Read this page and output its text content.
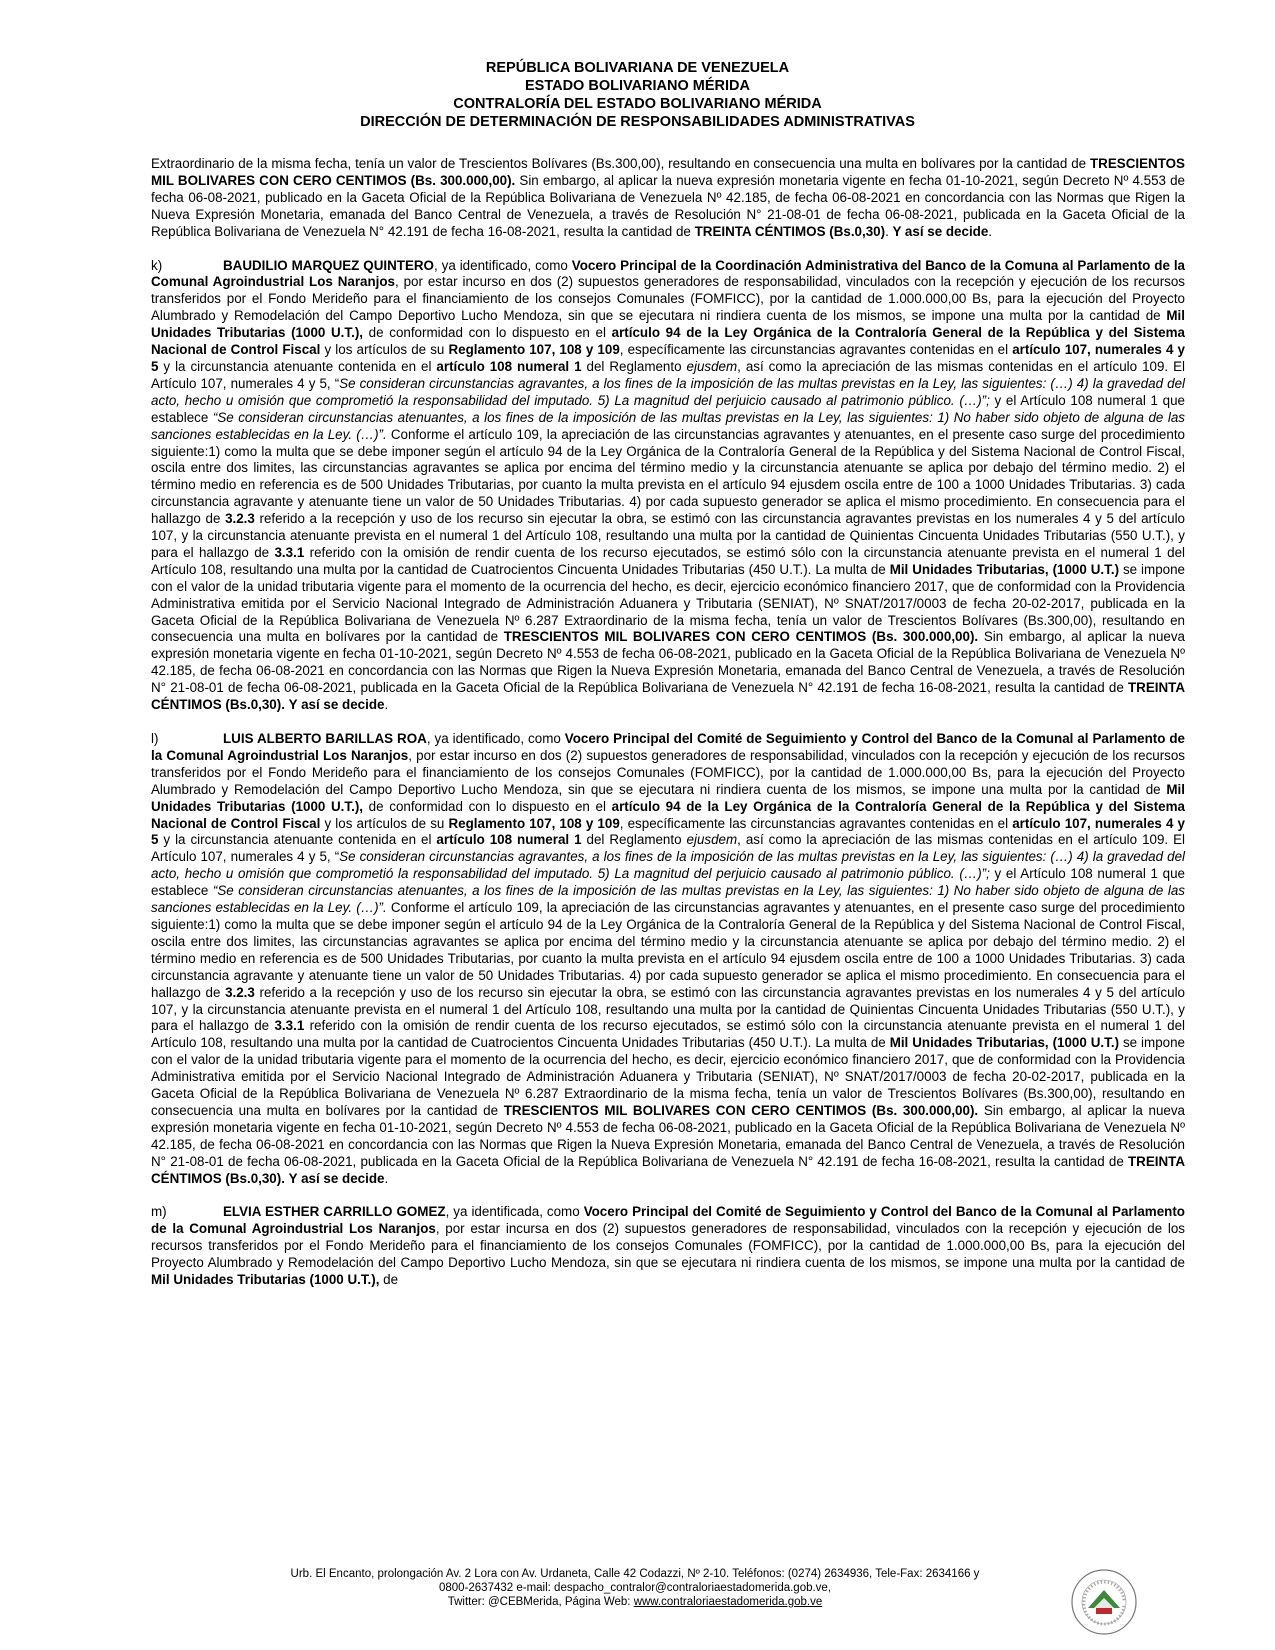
REPÚBLICA BOLIVARIANA DE VENEZUELA
ESTADO BOLIVARIANO MÉRIDA
CONTRALORÍA DEL ESTADO BOLIVARIANO MÉRIDA
DIRECCIÓN DE DETERMINACIÓN DE RESPONSABILIDADES ADMINISTRATIVAS

Extraordinario de la misma fecha, tenía un valor de Trescientos Bolívares (Bs.300,00), resultando en consecuencia una multa en bolívares por la cantidad de TRESCIENTOS MIL BOLIVARES CON CERO CENTIMOS (Bs. 300.000,00). Sin embargo, al aplicar la nueva expresión monetaria vigente en fecha 01-10-2021, según Decreto Nº 4.553 de fecha 06-08-2021, publicado en la Gaceta Oficial de la República Bolivariana de Venezuela Nº 42.185, de fecha 06-08-2021 en concordancia con las Normas que Rigen la Nueva Expresión Monetaria, emanada del Banco Central de Venezuela, a través de Resolución N° 21-08-01 de fecha 06-08-2021, publicada en la Gaceta Oficial de la República Bolivariana de Venezuela N° 42.191 de fecha 16-08-2021, resulta la cantidad de TREINTA CÉNTIMOS (Bs.0,30). Y así se decide.

k)	BAUDILIO MARQUEZ QUINTERO, ya identificado, como Vocero Principal de la Coordinación Administrativa del Banco de la Comuna al Parlamento de la Comunal Agroindustrial Los Naranjos, por estar incurso en dos (2) supuestos generadores de responsabilidad, vinculados con la recepción y ejecución de los recursos transferidos por el Fondo Merideño para el financiamiento de los consejos Comunales (FOMFICC), por la cantidad de 1.000.000,00 Bs, para la ejecución del Proyecto Alumbrado y Remodelación del Campo Deportivo Lucho Mendoza, sin que se ejecutara ni rindiera cuenta de los mismos, se impone una multa por la cantidad de Mil Unidades Tributarias (1000 U.T.), de conformidad con lo dispuesto en el artículo 94 de la Ley Orgánica de la Contraloría General de la República y del Sistema Nacional de Control Fiscal y los artículos de su Reglamento 107, 108 y 109, específicamente las circunstancias agravantes contenidas en el artículo 107, numerales 4 y 5 y la circunstancia atenuante contenida en el artículo 108 numeral 1 del Reglamento ejusdem, así como la apreciación de las mismas contenidas en el artículo 109. El Artículo 107, numerales 4 y 5, “Se consideran circunstancias agravantes, a los fines de la imposición de las multas previstas en la Ley, las siguientes: (…) 4) la gravedad del acto, hecho u omisión que comprometió la responsabilidad del imputado. 5) La magnitud del perjuicio causado al patrimonio público. (…)”; y el Artículo 108 numeral 1 que establece “Se consideran circunstancias atenuantes, a los fines de la imposición de las multas previstas en la Ley, las siguientes: 1) No haber sido objeto de alguna de las sanciones establecidas en la Ley. (…)”. Conforme el artículo 109, la apreciación de las circunstancias agravantes y atenuantes, en el presente caso surge del procedimiento siguiente:1) como la multa que se debe imponer según el artículo 94 de la Ley Orgánica de la Contraloría General de la República y del Sistema Nacional de Control Fiscal, oscila entre dos limites, las circunstancias agravantes se aplica por encima del término medio y la circunstancia atenuante se aplica por debajo del término medio. 2) el término medio en referencia es de 500 Unidades Tributarias, por cuanto la multa prevista en el artículo 94 ejusdem oscila entre de 100 a 1000 Unidades Tributarias. 3) cada circunstancia agravante y atenuante tiene un valor de 50 Unidades Tributarias. 4) por cada supuesto generador se aplica el mismo procedimiento. En consecuencia para el hallazgo de 3.2.3 referido a la recepción y uso de los recurso sin ejecutar la obra, se estimó con las circunstancia agravantes previstas en los numerales 4 y 5 del artículo 107, y la circunstancia atenuante prevista en el numeral 1 del Artículo 108, resultando una multa por la cantidad de Quinientas Cincuenta Unidades Tributarias (550 U.T.), y para el hallazgo de 3.3.1 referido con la omisión de rendir cuenta de los recurso ejecutados, se estimó sólo con la circunstancia atenuante prevista en el numeral 1 del Artículo 108, resultando una multa por la cantidad de Cuatrocientos Cincuenta Unidades Tributarias (450 U.T.). La multa de Mil Unidades Tributarias, (1000 U.T.) se impone con el valor de la unidad tributaria vigente para el momento de la ocurrencia del hecho, es decir, ejercicio económico financiero 2017, que de conformidad con la Providencia Administrativa emitida por el Servicio Nacional Integrado de Administración Aduanera y Tributaria (SENIAT), Nº SNAT/2017/0003 de fecha 20-02-2017, publicada en la Gaceta Oficial de la República Bolivariana de Venezuela Nº 6.287 Extraordinario de la misma fecha, tenía un valor de Trescientos Bolívares (Bs.300,00), resultando en consecuencia una multa en bolívares por la cantidad de TRESCIENTOS MIL BOLIVARES CON CERO CENTIMOS (Bs. 300.000,00). Sin embargo, al aplicar la nueva expresión monetaria vigente en fecha 01-10-2021, según Decreto Nº 4.553 de fecha 06-08-2021, publicado en la Gaceta Oficial de la República Bolivariana de Venezuela Nº 42.185, de fecha 06-08-2021 en concordancia con las Normas que Rigen la Nueva Expresión Monetaria, emanada del Banco Central de Venezuela, a través de Resolución N° 21-08-01 de fecha 06-08-2021, publicada en la Gaceta Oficial de la República Bolivariana de Venezuela N° 42.191 de fecha 16-08-2021, resulta la cantidad de TREINTA CÉNTIMOS (Bs.0,30). Y así se decide.

l)	LUIS ALBERTO BARILLAS ROA, ya identificado, como Vocero Principal del Comité de Seguimiento y Control del Banco de la Comunal al Parlamento de la Comunal Agroindustrial Los Naranjos, por estar incurso en dos (2) supuestos generadores de responsabilidad, vinculados con la recepción y ejecución de los recursos transferidos por el Fondo Merideño para el financiamiento de los consejos Comunales (FOMFICC), por la cantidad de 1.000.000,00 Bs, para la ejecución del Proyecto Alumbrado y Remodelación del Campo Deportivo Lucho Mendoza, sin que se ejecutara ni rindiera cuenta de los mismos, se impone una multa por la cantidad de Mil Unidades Tributarias (1000 U.T.), de conformidad con lo dispuesto en el artículo 94 de la Ley Orgánica de la Contraloría General de la República y del Sistema Nacional de Control Fiscal y los artículos de su Reglamento 107, 108 y 109, específicamente las circunstancias agravantes contenidas en el artículo 107, numerales 4 y 5 y la circunstancia atenuante contenida en el artículo 108 numeral 1 del Reglamento ejusdem, así como la apreciación de las mismas contenidas en el artículo 109. El Artículo 107, numerales 4 y 5, “Se consideran circunstancias agravantes, a los fines de la imposición de las multas previstas en la Ley, las siguientes: (…) 4) la gravedad del acto, hecho u omisión que comprometió la responsabilidad del imputado. 5) La magnitud del perjuicio causado al patrimonio público. (…)”; y el Artículo 108 numeral 1 que establece “Se consideran circunstancias atenuantes, a los fines de la imposición de las multas previstas en la Ley, las siguientes: 1) No haber sido objeto de alguna de las sanciones establecidas en la Ley. (…)”. Conforme el artículo 109, la apreciación de las circunstancias agravantes y atenuantes, en el presente caso surge del procedimiento siguiente:1) como la multa que se debe imponer según el artículo 94 de la Ley Orgánica de la Contraloría General de la República y del Sistema Nacional de Control Fiscal, oscila entre dos limites, las circunstancias agravantes se aplica por encima del término medio y la circunstancia atenuante se aplica por debajo del término medio. 2) el término medio en referencia es de 500 Unidades Tributarias, por cuanto la multa prevista en el artículo 94 ejusdem oscila entre de 100 a 1000 Unidades Tributarias. 3) cada circunstancia agravante y atenuante tiene un valor de 50 Unidades Tributarias. 4) por cada supuesto generador se aplica el mismo procedimiento. En consecuencia para el hallazgo de 3.2.3 referido a la recepción y uso de los recurso sin ejecutar la obra, se estimó con las circunstancia agravantes previstas en los numerales 4 y 5 del artículo 107, y la circunstancia atenuante prevista en el numeral 1 del Artículo 108, resultando una multa por la cantidad de Quinientas Cincuenta Unidades Tributarias (550 U.T.), y para el hallazgo de 3.3.1 referido con la omisión de rendir cuenta de los recurso ejecutados, se estimó sólo con la circunstancia atenuante prevista en el numeral 1 del Artículo 108, resultando una multa por la cantidad de Cuatrocientos Cincuenta Unidades Tributarias (450 U.T.). La multa de Mil Unidades Tributarias, (1000 U.T.) se impone con el valor de la unidad tributaria vigente para el momento de la ocurrencia del hecho, es decir, ejercicio económico financiero 2017, que de conformidad con la Providencia Administrativa emitida por el Servicio Nacional Integrado de Administración Aduanera y Tributaria (SENIAT), Nº SNAT/2017/0003 de fecha 20-02-2017, publicada en la Gaceta Oficial de la República Bolivariana de Venezuela Nº 6.287 Extraordinario de la misma fecha, tenía un valor de Trescientos Bolívares (Bs.300,00), resultando en consecuencia una multa en bolívares por la cantidad de TRESCIENTOS MIL BOLIVARES CON CERO CENTIMOS (Bs. 300.000,00). Sin embargo, al aplicar la nueva expresión monetaria vigente en fecha 01-10-2021, según Decreto Nº 4.553 de fecha 06-08-2021, publicado en la Gaceta Oficial de la República Bolivariana de Venezuela Nº 42.185, de fecha 06-08-2021 en concordancia con las Normas que Rigen la Nueva Expresión Monetaria, emanada del Banco Central de Venezuela, a través de Resolución N° 21-08-01 de fecha 06-08-2021, publicada en la Gaceta Oficial de la República Bolivariana de Venezuela N° 42.191 de fecha 16-08-2021, resulta la cantidad de TREINTA CÉNTIMOS (Bs.0,30). Y así se decide.

m)	ELVIA ESTHER CARRILLO GOMEZ, ya identificada, como Vocero Principal del Comité de Seguimiento y Control del Banco de la Comunal al Parlamento de la Comunal Agroindustrial Los Naranjos, por estar incursa en dos (2) supuestos generadores de responsabilidad, vinculados con la recepción y ejecución de los recursos transferidos por el Fondo Merideño para el financiamiento de los consejos Comunales (FOMFICC), por la cantidad de 1.000.000,00 Bs, para la ejecución del Proyecto Alumbrado y Remodelación del Campo Deportivo Lucho Mendoza, sin que se ejecutara ni rindiera cuenta de los mismos, se impone una multa por la cantidad de Mil Unidades Tributarias (1000 U.T.), de

Urb. El Encanto, prolongación Av. 2 Lora con Av. Urdaneta, Calle 42 Codazzi, Nº 2-10. Teléfonos: (0274) 2634936, Tele-Fax: 2634166 y
0800-2637432 e-mail: despacho_contralor@contraloriaestadomerida.gob.ve,
Twitter: @CEBMerida, Página Web: www.contraloriaestadomerida.gob.ve
